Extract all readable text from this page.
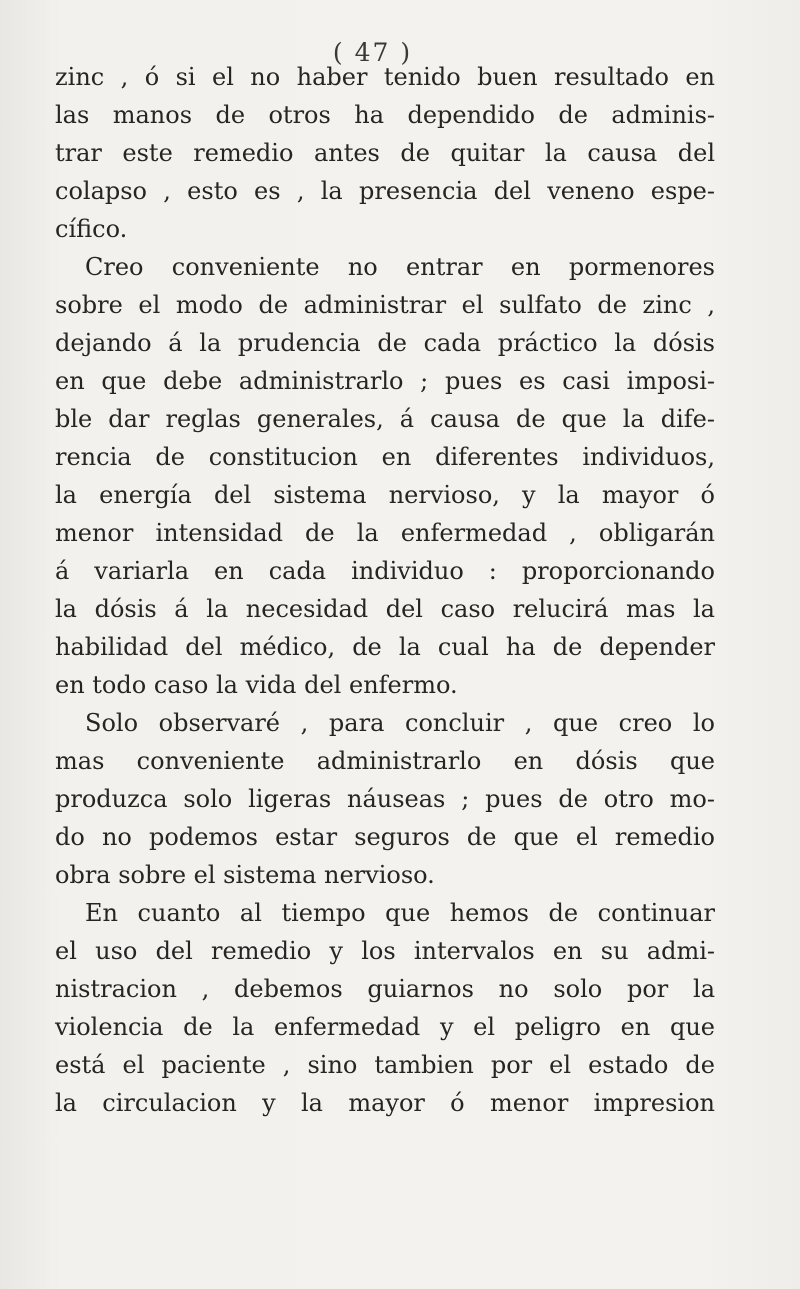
( 47 )
zinc , ó si el no haber tenido buen resultado en
las manos de otros ha dependido de adminis-
trar este remedio antes de quitar la causa del
colapso , esto es , la presencia del veneno espe-
cífico.
Creo conveniente no entrar en pormenores
sobre el modo de administrar el sulfato de zinc ,
dejando á la prudencia de cada práctico la dósis
en que debe administrarlo ; pues es casi imposi-
ble dar reglas generales, á causa de que la dife-
rencia de constitucion en diferentes individuos,
la energía del sistema nervioso, y la mayor ó
menor intensidad de la enfermedad , obligarán
á variarla en cada individuo : proporcionando
la dósis á la necesidad del caso relucirá mas la
habilidad del médico, de la cual ha de depender
en todo caso la vida del enfermo.
Solo observaré , para concluir , que creo lo
mas conveniente administrarlo en dósis que
produzca solo ligeras náuseas ; pues de otro mo-
do no podemos estar seguros de que el remedio
obra sobre el sistema nervioso.
En cuanto al tiempo que hemos de continuar
el uso del remedio y los intervalos en su admi-
nistracion , debemos guiarnos no solo por la
violencia de la enfermedad y el peligro en que
está el paciente , sino tambien por el estado de
la circulacion y la mayor ó menor impresion
